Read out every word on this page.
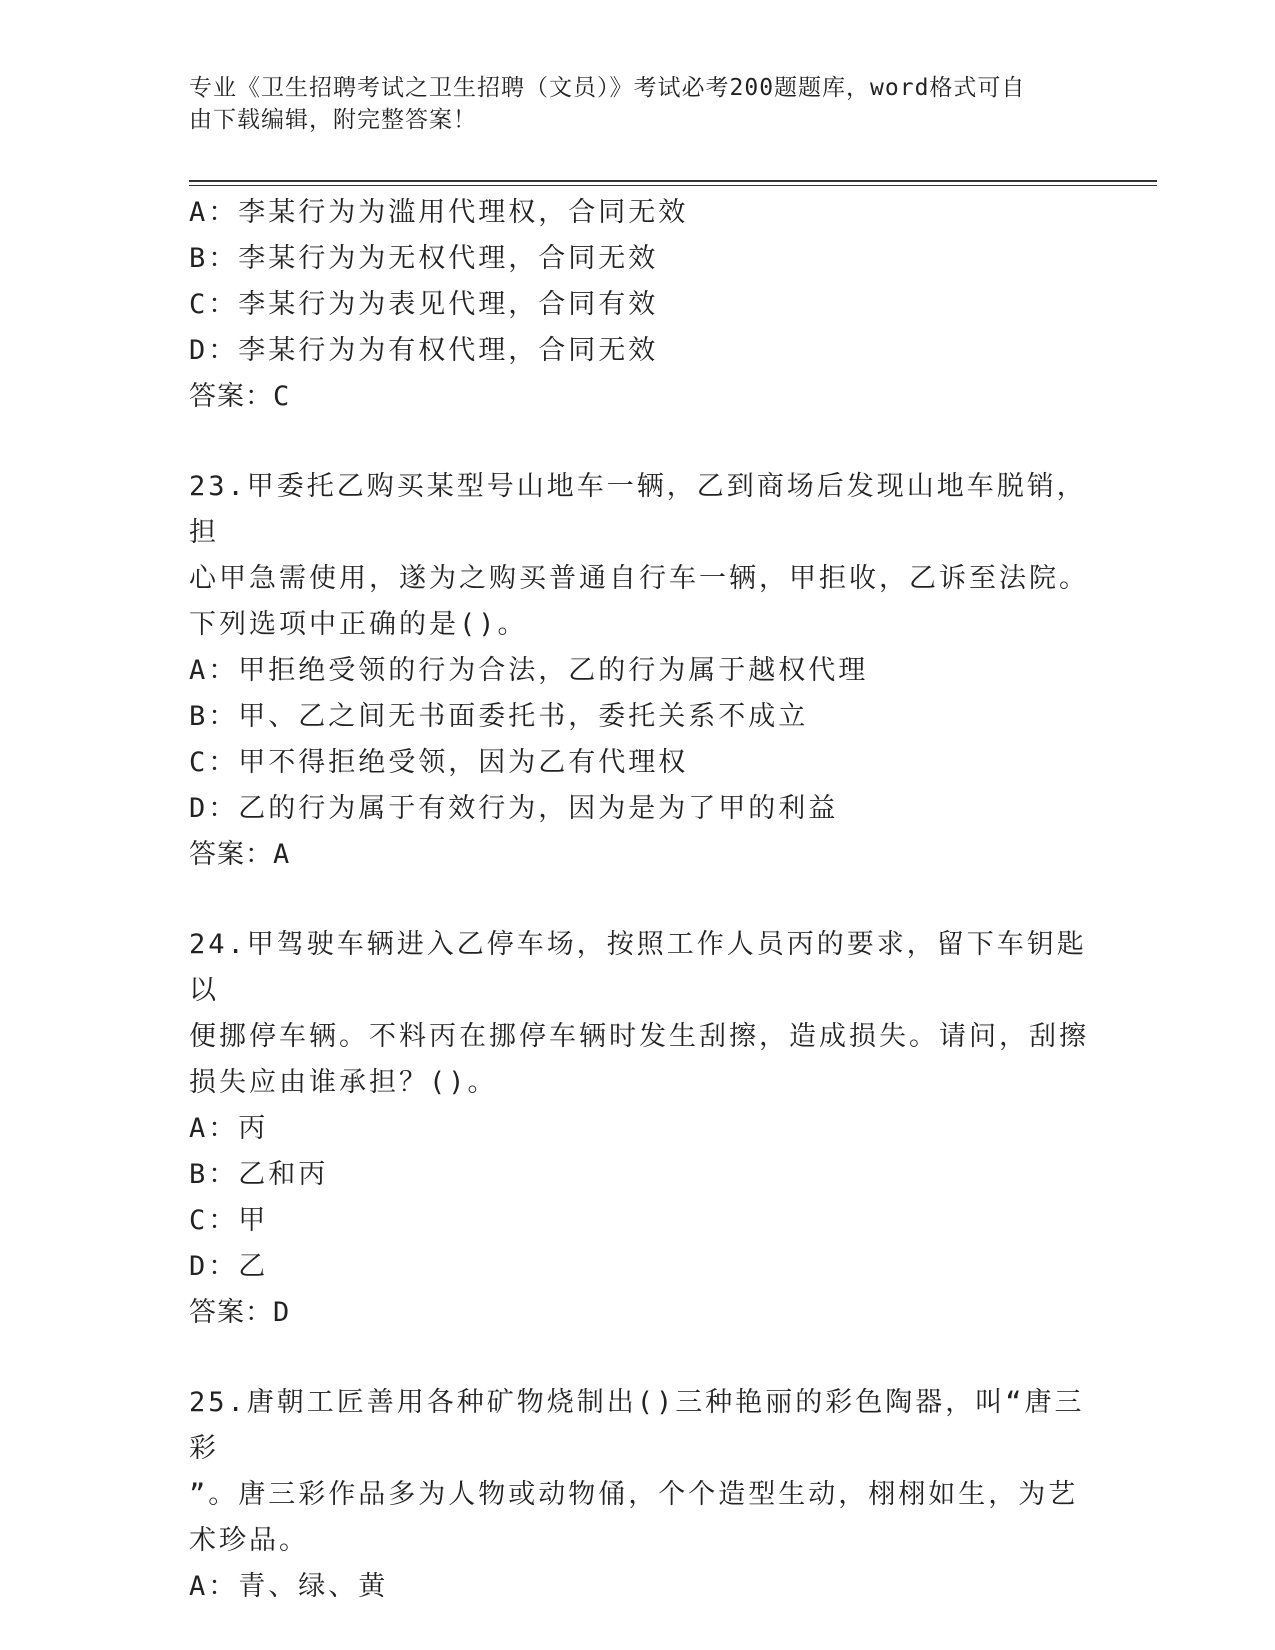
专业《卫生招聘考试之卫生招聘（文员）》考试必考200题题库，word格式可自
由下载编辑，附完整答案！

A：李某行为为滥用代理权，合同无效

B：李某行为为无权代理，合同无效

C：李某行为为表见代理，合同有效

D：李某行为为有权代理，合同无效

答案：C

23.甲委托乙购买某型号山地车一辆，乙到商场后发现山地车脱销，担

心甲急需使用，遂为之购买普通自行车一辆，甲拒收，乙诉至法院。

下列选项中正确的是()。

A：甲拒绝受领的行为合法，乙的行为属于越权代理

B：甲、乙之间无书面委托书，委托关系不成立

C：甲不得拒绝受领，因为乙有代理权

D：乙的行为属于有效行为，因为是为了甲的利益

答案：A

24.甲驾驶车辆进入乙停车场，按照工作人员丙的要求，留下车钥匙以

便挪停车辆。不料丙在挪停车辆时发生刮擦，造成损失。请问，刮擦

损失应由谁承担？()。

A：丙

B：乙和丙

C：甲

D：乙

答案：D

25.唐朝工匠善用各种矿物烧制出()三种艳丽的彩色陶器，叫“唐三彩

”。唐三彩作品多为人物或动物俑，个个造型生动，栩栩如生，为艺

术珍品。

A：青、绿、黄
